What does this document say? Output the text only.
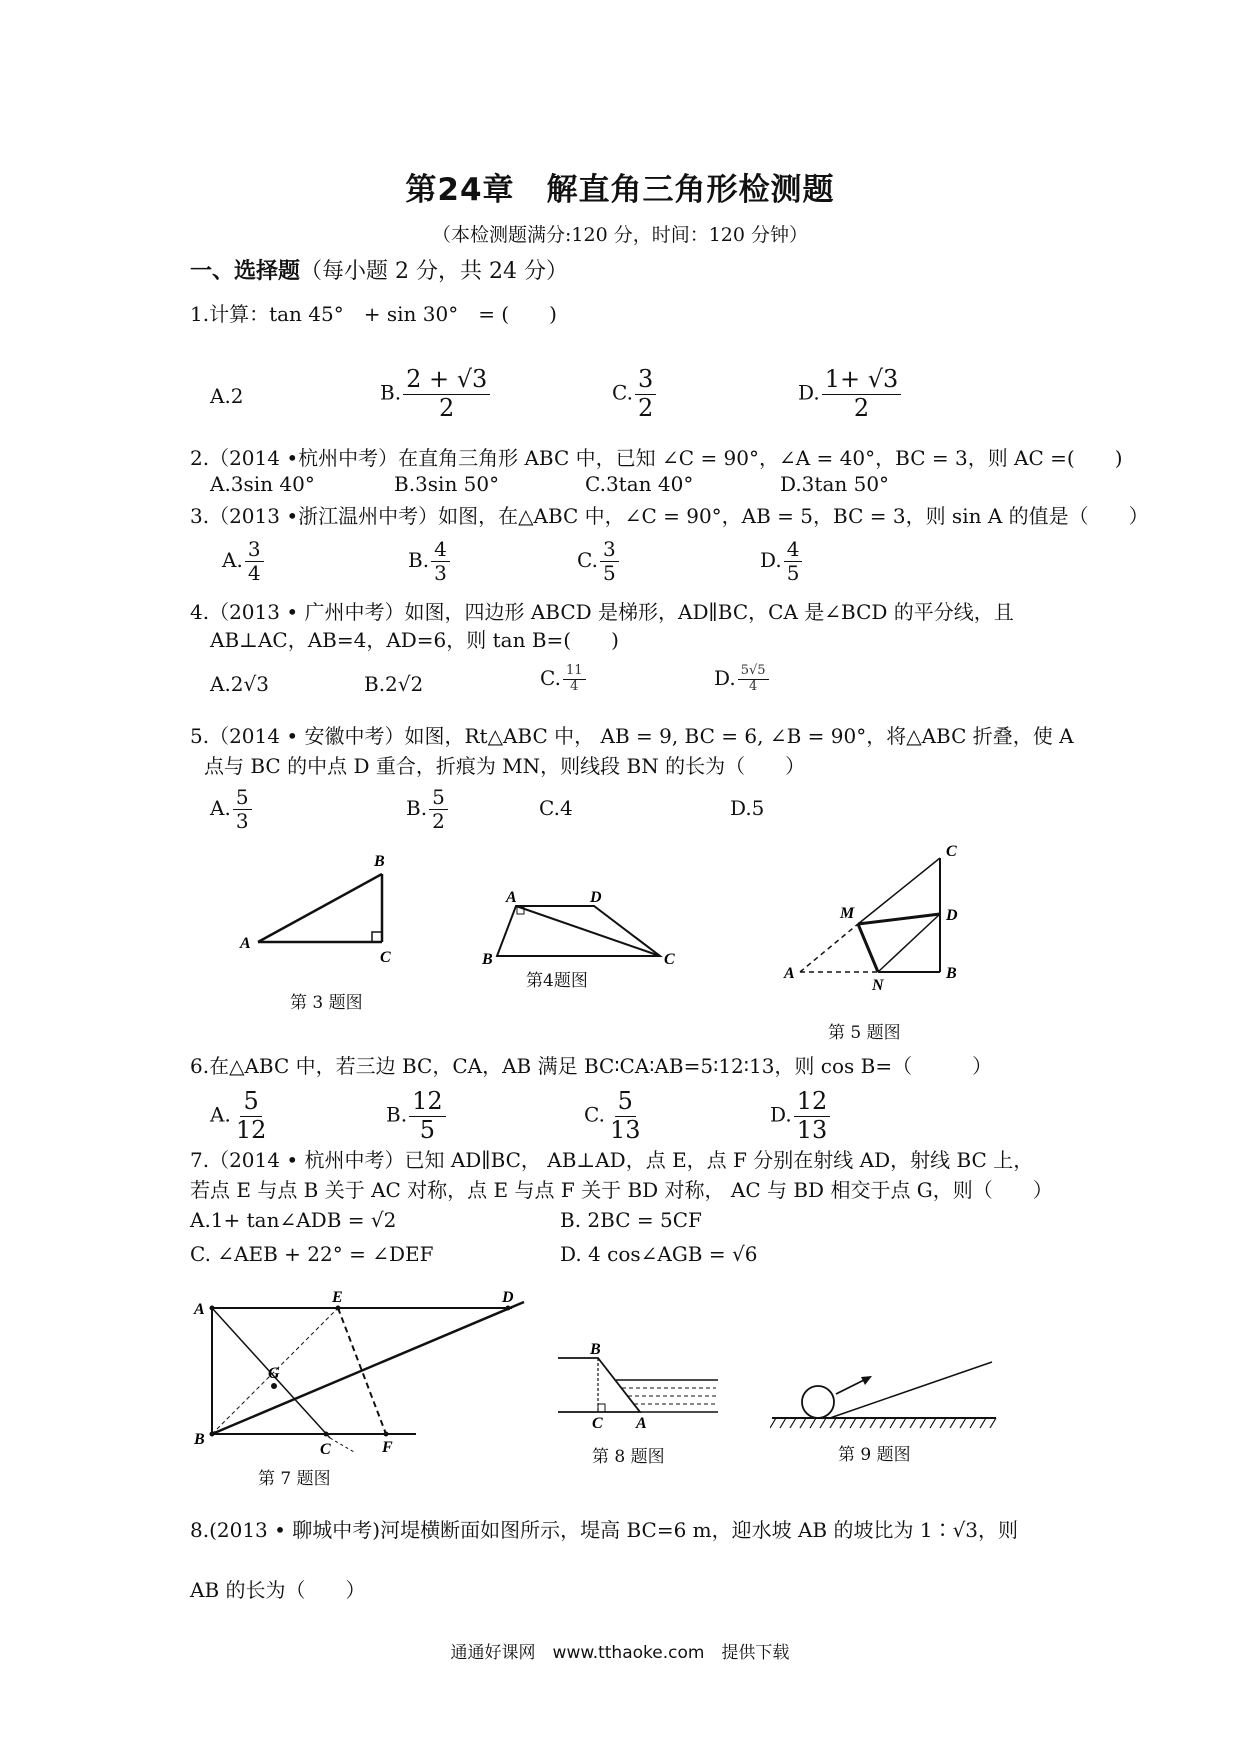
第24章　解直角三角形检测题
（本检测题满分:120 分，时间：120 分钟）
一、选择题（每小题 2 分，共 24 分）
1.计算：tan 45°　+ sin 30°　= (　　)
A.2	B. $\frac{2 + √3}{2}$	C. $\frac{3}{2}$	D. $\frac{1+ √3}{2}$
2.（2014 •杭州中考）在直角三角形 ABC 中，已知 ∠C = 90°，∠A = 40°，BC = 3，则 AC =(　　)
A.3sin 40°	B.3sin 50°	C.3tan 40°	D.3tan 50°
3.（2013 •浙江温州中考）如图，在△ABC 中，∠C = 90°，AB = 5，BC = 3，则 sin A 的值是（　　）
A. $\frac{3}{4}$	B. $\frac{4}{3}$	C. $\frac{3}{5}$	D. $\frac{4}{5}$
4.（2013 • 广州中考）如图，四边形 ABCD 是梯形，AD∥BC，CA 是∠BCD 的平分线，且
AB⊥AC，AB=4，AD=6，则 tan B=(　　)
A.2√3	B.2√2	C. $\frac{11}{4}$	D. $\frac{5√5}{4}$
5.（2014 • 安徽中考）如图，Rt△ABC 中， AB = 9, BC = 6, ∠B = 90°，将△ABC 折叠，使 A
点与 BC 的中点 D 重合，折痕为 MN，则线段 BN 的长为（　　）
A. $\frac{5}{3}$	B. $\frac{5}{2}$	C.4	D.5
A
B
C
第 3 题图
A	D
B	C
第4题图
C
M	D
A
N
B
第 5 题图
6.在△ABC 中，若三边 BC，CA，AB 满足 BC∶CA∶AB=5∶12∶13，则 cos B=（　　　）
A. $\frac{5}{12}$	B. $\frac{12}{5}$	C. $\frac{5}{13}$	D. $\frac{12}{13}$
7.（2014 • 杭州中考）已知 AD∥BC， AB⊥AD，点 E，点 F 分别在射线 AD，射线 BC 上，
若点 E 与点 B 关于 AC 对称，点 E 与点 F 关于 BD 对称， AC 与 BD 相交于点 G，则（　　）
A.1+ tan∠ADB = √2	B. 2BC = 5CF
C. ∠AEB + 22° = ∠DEF	D. 4 cos∠AGB = √6
A
E	D
G
B
C	F
第 7 题图
B
C A
第 8 题图	第 9 题图
8.(2013 • 聊城中考)河堤横断面如图所示，堤高 BC=6 m，迎水坡 AB 的坡比为 1∶√3，则
AB 的长为（　　）
通通好课网　www.tthaoke.com　提供下载
